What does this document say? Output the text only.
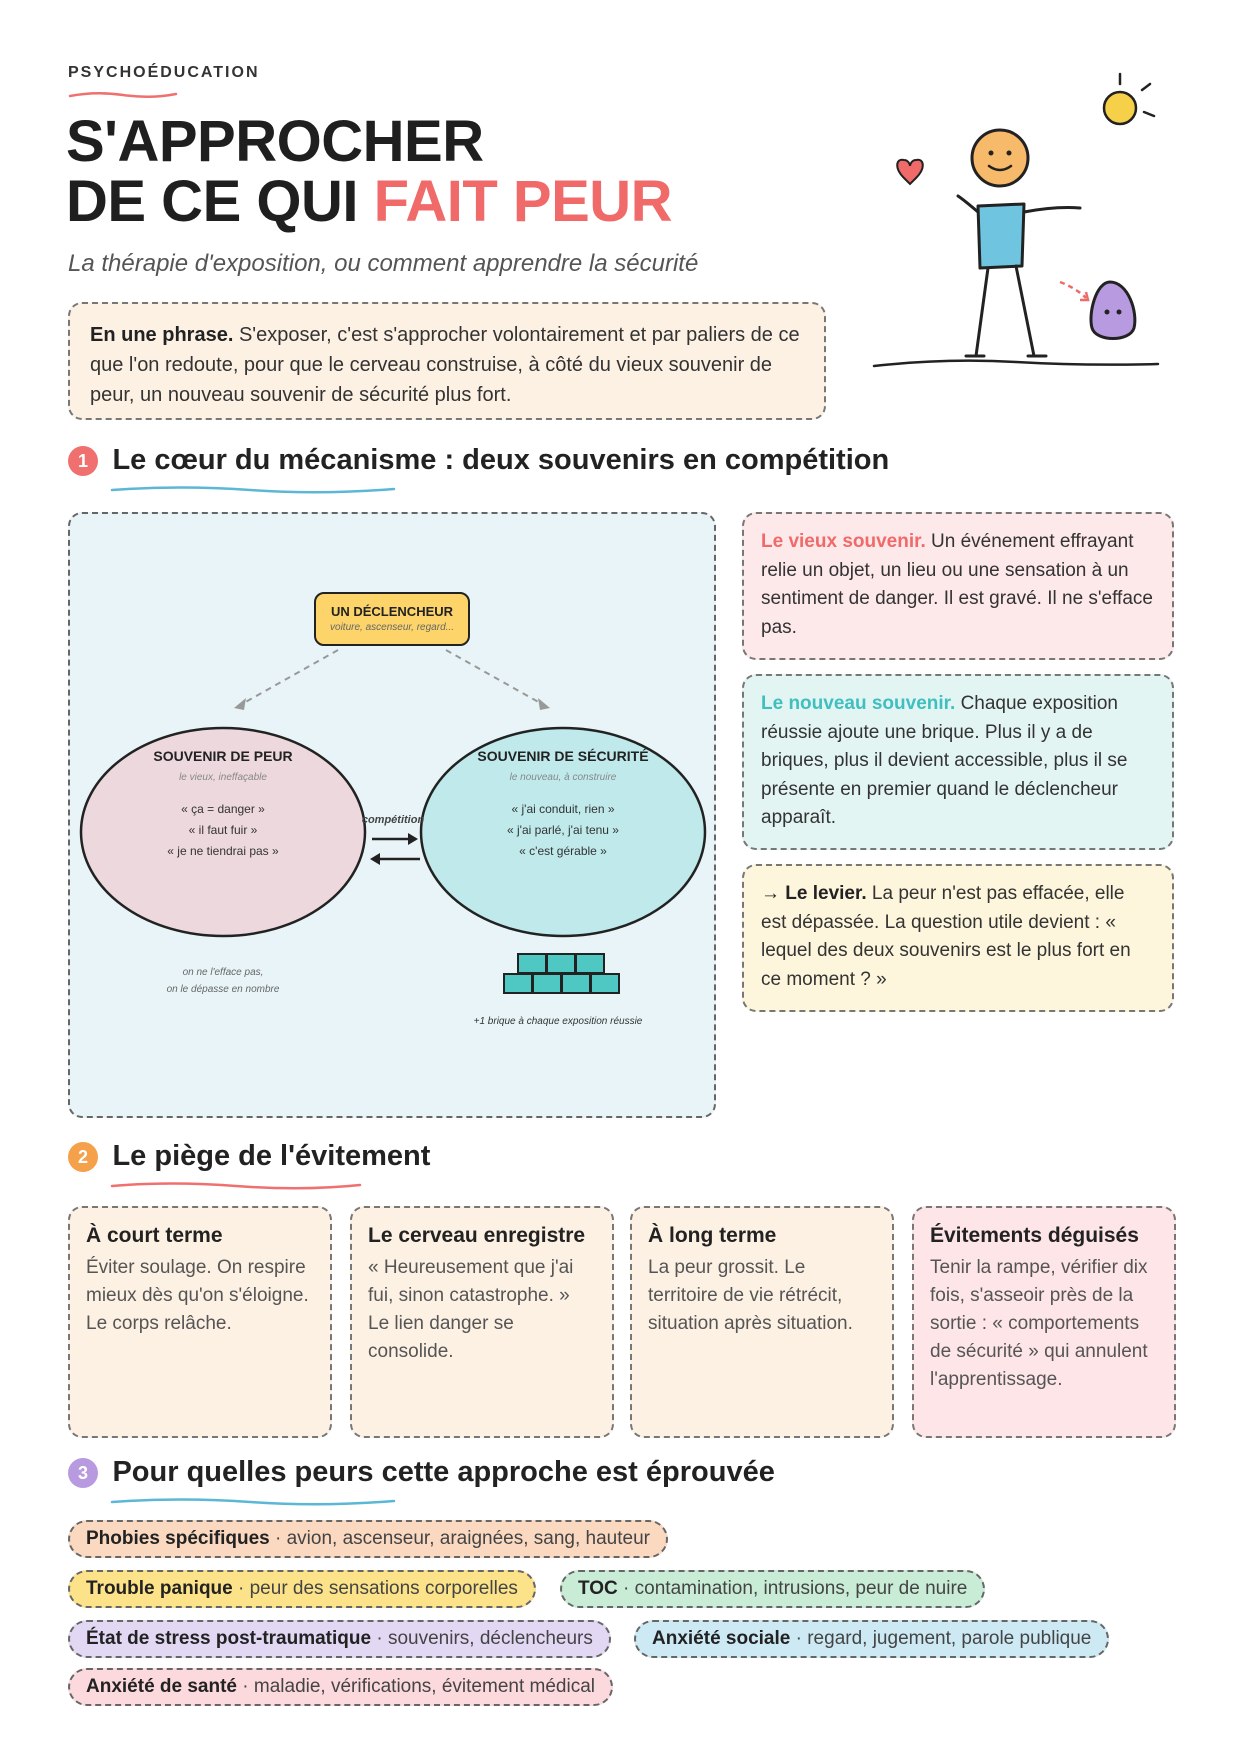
PSYCHOÉDUCATION
S'APPROCHER
DE CE QUI FAIT PEUR
La thérapie d'exposition, ou comment apprendre la sécurité
En une phrase. S'exposer, c'est s'approcher volontairement et par paliers de ce que l'on redoute, pour que le cerveau construise, à côté du vieux souvenir de peur, un nouveau souvenir de sécurité plus fort.
1 Le cœur du mécanisme : deux souvenirs en compétition
UN DÉCLENCHEUR
voiture, ascenseur, regard...
SOUVENIR DE PEUR
le vieux, ineffaçable
« ça = danger »
« il faut fuir »
« je ne tiendrai pas »
SOUVENIR DE SÉCURITÉ
le nouveau, à construire
« j'ai conduit, rien »
« j'ai parlé, j'ai tenu »
« c'est gérable »
compétition
on ne l'efface pas,
on le dépasse en nombre
+1 brique à chaque exposition réussie
Le vieux souvenir. Un événement effrayant relie un objet, un lieu ou une sensation à un sentiment de danger. Il est gravé. Il ne s'efface pas.
Le nouveau souvenir. Chaque exposition réussie ajoute une brique. Plus il y a de briques, plus il devient accessible, plus il se présente en premier quand le déclencheur apparaît.
→ Le levier. La peur n'est pas effacée, elle est dépassée. La question utile devient : « lequel des deux souvenirs est le plus fort en ce moment ? »
2 Le piège de l'évitement
À court terme
Éviter soulage. On respire mieux dès qu'on s'éloigne. Le corps relâche.
Le cerveau enregistre
« Heureusement que j'ai fui, sinon catastrophe. » Le lien danger se consolide.
À long terme
La peur grossit. Le territoire de vie rétrécit, situation après situation.
Évitements déguisés
Tenir la rampe, vérifier dix fois, s'asseoir près de la sortie : « comportements de sécurité » qui annulent l'apprentissage.
3 Pour quelles peurs cette approche est éprouvée
Phobies spécifiques · avion, ascenseur, araignées, sang, hauteur
Trouble panique · peur des sensations corporelles	TOC · contamination, intrusions, peur de nuire
État de stress post-traumatique · souvenirs, déclencheurs	Anxiété sociale · regard, jugement, parole publique
Anxiété de santé · maladie, vérifications, évitement médical
